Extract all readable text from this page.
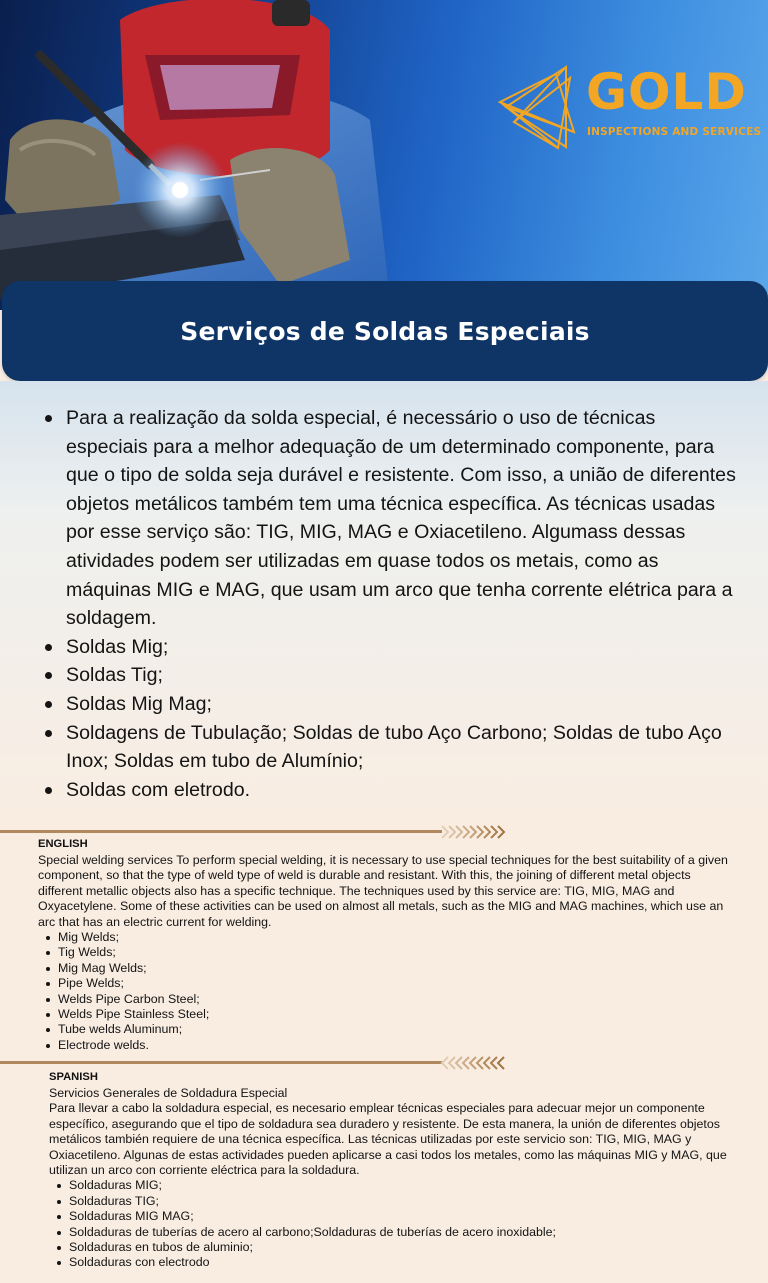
GOLD
INSPECTIONS AND SERVICES
Serviços de Soldas Especiais
Para a realização da solda especial, é necessário o uso de técnicas especiais para a melhor adequação de um determinado componente, para que o tipo de solda seja durável e resistente. Com isso, a união de diferentes objetos metálicos também tem uma técnica específica. As técnicas usadas por esse serviço são: TIG, MIG, MAG e Oxiacetileno. Algumass dessas atividades podem ser utilizadas em quase todos os metais, como as máquinas MIG e MAG, que usam um arco que tenha corrente elétrica para a soldagem.
Soldas Mig;
Soldas Tig;
Soldas Mig Mag;
Soldagens de Tubulação; Soldas de tubo Aço Carbono; Soldas de tubo Aço Inox; Soldas em tubo de Alumínio;
Soldas com eletrodo.
ENGLISH

Special welding services To perform special welding, it is necessary to use special techniques for the best suitability of a given component, so that the type of weld type of weld is durable and resistant. With this, the joining of different metal objects different metallic objects also has a specific technique. The techniques used by this service are: TIG, MIG, MAG and Oxyacetylene. Some of these activities can be used on almost all metals, such as the MIG and MAG machines, which use an arc that has an electric current for welding.

Mig Welds;
Tig Welds;
Mig Mag Welds;
Pipe Welds;
Welds Pipe Carbon Steel;
Welds Pipe Stainless Steel;
Tube welds Aluminum;
Electrode welds.
SPANISH

Servicios Generales de Soldadura Especial

Para llevar a cabo la soldadura especial, es necesario emplear técnicas especiales para adecuar mejor un componente específico, asegurando que el tipo de soldadura sea duradero y resistente. De esta manera, la unión de diferentes objetos metálicos también requiere de una técnica específica. Las técnicas utilizadas por este servicio son: TIG, MIG, MAG y Oxiacetileno. Algunas de estas actividades pueden aplicarse a casi todos los metales, como las máquinas MIG y MAG, que utilizan un arco con corriente eléctrica para la soldadura.

Soldaduras MIG;
Soldaduras TIG;
Soldaduras MIG MAG;
Soldaduras de tuberías de acero al carbono;Soldaduras de tuberías de acero inoxidable;
Soldaduras en tubos de aluminio;
Soldaduras con electrodo
